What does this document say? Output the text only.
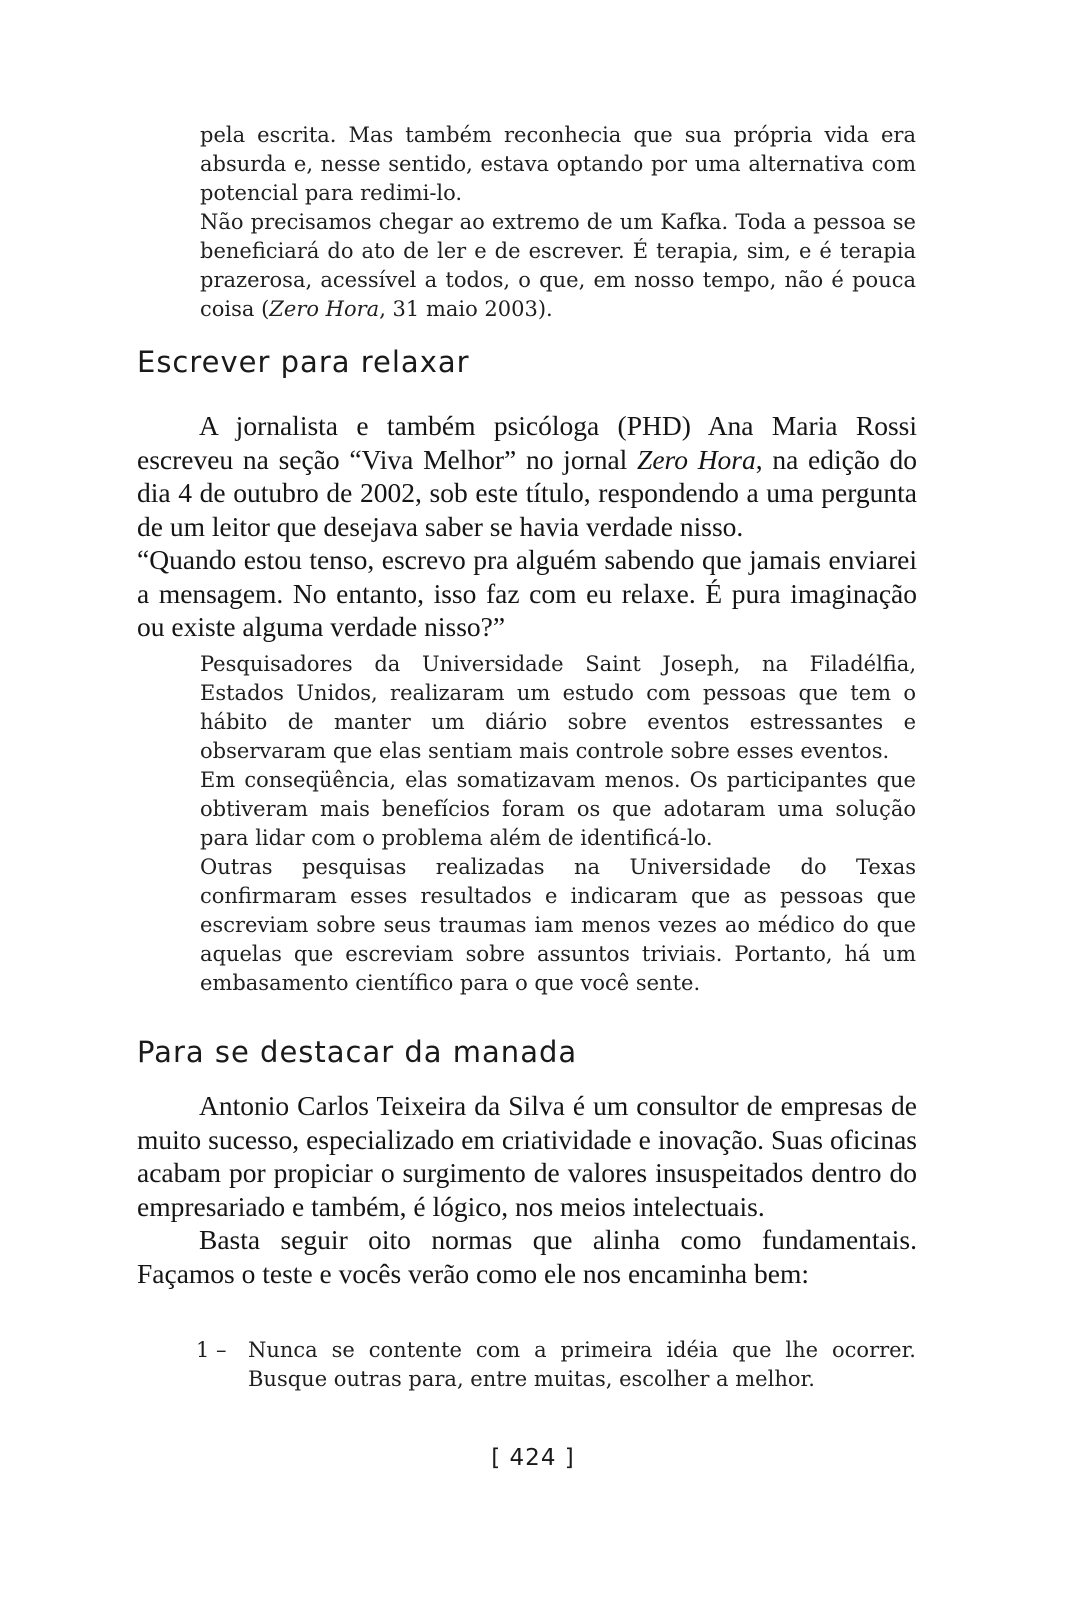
pela escrita. Mas também reconhecia que sua própria vida era absurda e, nesse sentido, estava optando por uma alternativa com potencial para redimi-lo.

Não precisamos chegar ao extremo de um Kafka. Toda a pessoa se beneficiará do ato de ler e de escrever. É terapia, sim, e é terapia prazerosa, acessível a todos, o que, em nosso tempo, não é pouca coisa (Zero Hora, 31 maio 2003).

Escrever para relaxar

A jornalista e também psicóloga (PHD) Ana Maria Rossi escreveu na seção “Viva Melhor” no jornal Zero Hora, na edição do dia 4 de outubro de 2002, sob este título, respondendo a uma pergunta de um leitor que desejava saber se havia verdade nisso.

“Quando estou tenso, escrevo pra alguém sabendo que jamais enviarei a mensagem. No entanto, isso faz com eu relaxe. É pura imaginação ou existe alguma verdade nisso?”

Pesquisadores da Universidade Saint Joseph, na Filadélfia, Estados Unidos, realizaram um estudo com pessoas que tem o hábito de manter um diário sobre eventos estressantes e observaram que elas sentiam mais controle sobre esses eventos.

Em conseqüência, elas somatizavam menos. Os participantes que obtiveram mais benefícios foram os que adotaram uma solução para lidar com o problema além de identificá-lo.

Outras pesquisas realizadas na Universidade do Texas confirmaram esses resultados e indicaram que as pessoas que escreviam sobre seus traumas iam menos vezes ao médico do que aquelas que escreviam sobre assuntos triviais. Portanto, há um embasamento científico para o que você sente.

Para se destacar da manada

Antonio Carlos Teixeira da Silva é um consultor de empresas de muito sucesso, especializado em criatividade e inovação. Suas oficinas acabam por propiciar o surgimento de valores insuspeitados dentro do empresariado e também, é lógico, nos meios intelectuais.

Basta seguir oito normas que alinha como fundamentais. Façamos o teste e vocês verão como ele nos encaminha bem:

1 –	Nunca se contente com a primeira idéia que lhe ocorrer. Busque outras para, entre muitas, escolher a melhor.
[ 424 ]
